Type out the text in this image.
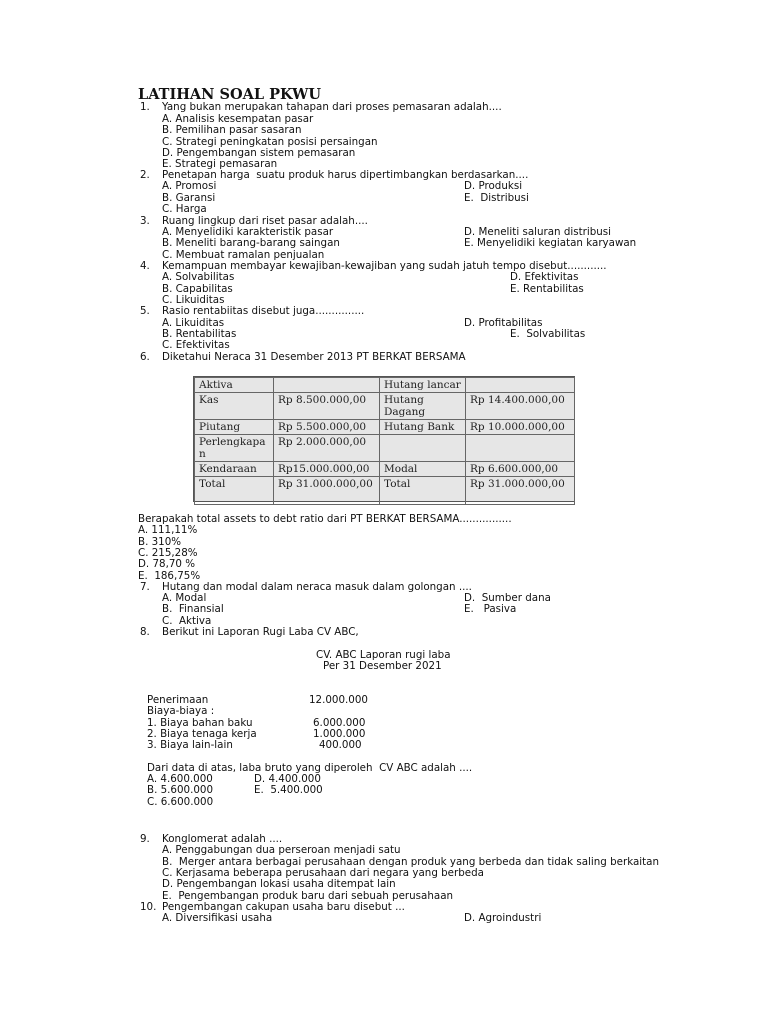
LATIHAN SOAL PKWU
1. Yang bukan merupakan tahapan dari proses pemasaran adalah....
A. Analisis kesempatan pasar
B. Pemilihan pasar sasaran
C. Strategi peningkatan posisi persaingan
D. Pengembangan sistem pemasaran
E. Strategi pemasaran
2. Penetapan harga  suatu produk harus dipertimbangkan berdasarkan....
A. Promosi	D. Produksi
B. Garansi	E.  Distribusi
C. Harga
3. Ruang lingkup dari riset pasar adalah....
A. Menyelidiki karakteristik pasar	D. Meneliti saluran distribusi
B. Meneliti barang-barang saingan	E. Menyelidiki kegiatan karyawan
C. Membuat ramalan penjualan
4. Kemampuan membayar kewajiban-kewajiban yang sudah jatuh tempo disebut............
A. Solvabilitas	D. Efektivitas
B. Capabilitas	E. Rentabilitas
C. Likuiditas
5. Rasio rentabiitas disebut juga...............
A. Likuiditas	D. Profitabilitas
B. Rentabilitas	E.  Solvabilitas
C. Efektivitas
6. Diketahui Neraca 31 Desember 2013 PT BERKAT BERSAMA
Aktiva		Hutang lancar	
Kas	Rp 8.500.000,00	Hutang Dagang	Rp 14.400.000,00
Piutang	Rp 5.500.000,00	Hutang Bank	Rp 10.000.000,00
Perlengkapan	Rp 2.000.000,00		
Kendaraan	Rp15.000.000,00	Modal	Rp 6.600.000,00
Total	Rp 31.000.000,00	Total	Rp 31.000.000,00
Berapakah total assets to debt ratio dari PT BERKAT BERSAMA................
A. 111,11%
B. 310%
C. 215,28%
D. 78,70 %
E.  186,75%
7. Hutang dan modal dalam neraca masuk dalam golongan ....
A. Modal	D.  Sumber dana
B.  Finansial	E.   Pasiva
C.  Aktiva
8. Berikut ini Laporan Rugi Laba CV ABC,
CV. ABC Laporan rugi laba
Per 31 Desember 2021
Penerimaan	12.000.000
Biaya-biaya :
1. Biaya bahan baku	6.000.000
2. Biaya tenaga kerja	1.000.000
3. Biaya lain-lain	400.000
Dari data di atas, laba bruto yang diperoleh  CV ABC adalah ....
A. 4.600.000	D. 4.400.000
B. 5.600.000	E.  5.400.000
C. 6.600.000
9. Konglomerat adalah ....
A. Penggabungan dua perseroan menjadi satu
B.  Merger antara berbagai perusahaan dengan produk yang berbeda dan tidak saling berkaitan
C. Kerjasama beberapa perusahaan dari negara yang berbeda
D. Pengembangan lokasi usaha ditempat lain
E.  Pengembangan produk baru dari sebuah perusahaan
10. Pengembangan cakupan usaha baru disebut ...
A. Diversifikasi usaha	D. Agroindustri
